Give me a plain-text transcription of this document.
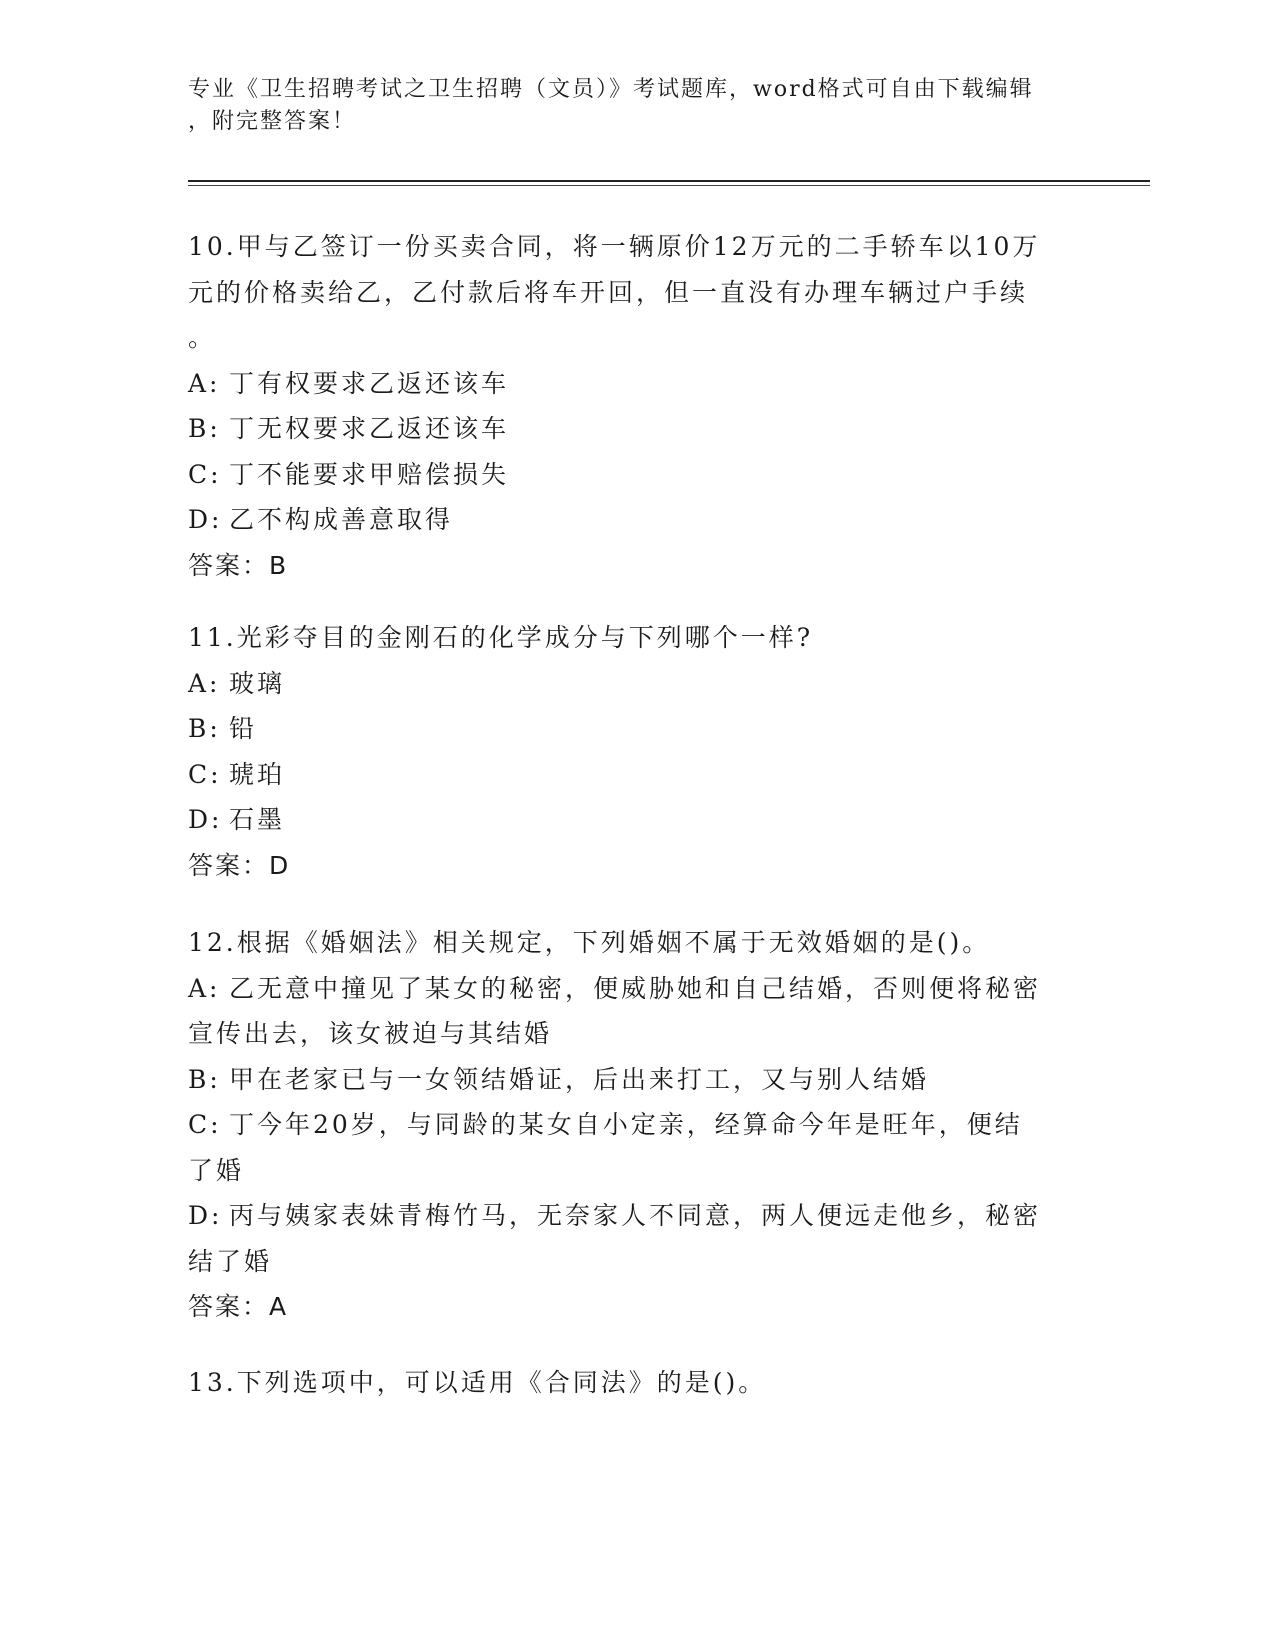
专业《卫生招聘考试之卫生招聘（文员）》考试题库，word格式可自由下载编辑
，附完整答案！
10.甲与乙签订一份买卖合同，将一辆原价12万元的二手轿车以10万
元的价格卖给乙，乙付款后将车开回，但一直没有办理车辆过户手续
。
A: 丁有权要求乙返还该车
B: 丁无权要求乙返还该车
C: 丁不能要求甲赔偿损失
D: 乙不构成善意取得
答案：B
11.光彩夺目的金刚石的化学成分与下列哪个一样?
A: 玻璃
B: 铅
C: 琥珀
D: 石墨
答案：D
12.根据《婚姻法》相关规定，下列婚姻不属于无效婚姻的是()。
A: 乙无意中撞见了某女的秘密，便威胁她和自己结婚，否则便将秘密
宣传出去，该女被迫与其结婚
B: 甲在老家已与一女领结婚证，后出来打工，又与别人结婚
C: 丁今年20岁，与同龄的某女自小定亲，经算命今年是旺年，便结
了婚
D: 丙与姨家表妹青梅竹马，无奈家人不同意，两人便远走他乡，秘密
结了婚
答案：A
13.下列选项中，可以适用《合同法》的是()。
